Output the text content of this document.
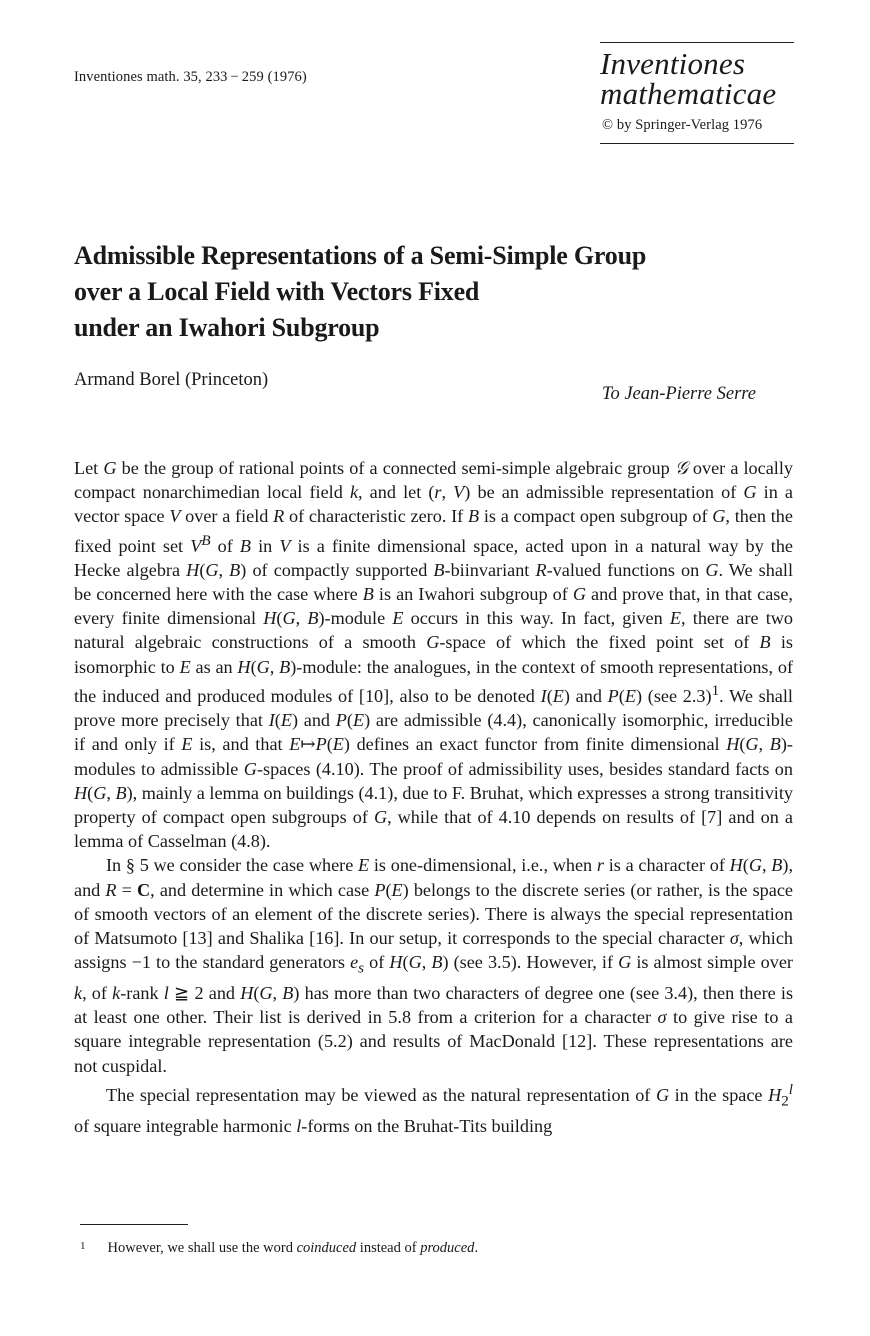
Inventiones math. 35, 233 − 259 (1976)	Inventiones
mathematicae
© by Springer-Verlag 1976
Admissible Representations of a Semi-Simple Group
over a Local Field with Vectors Fixed
under an Iwahori Subgroup
Armand Borel (Princeton)
To Jean-Pierre Serre

Let G be the group of rational points of a connected semi-simple algebraic group 𝒢 over a locally compact nonarchimedian local field k, and let (r, V) be an admissible representation of G in a vector space V over a field R of characteristic zero. If B is a compact open subgroup of G, then the fixed point set $V^B$ of B in V is a finite dimensional space, acted upon in a natural way by the Hecke algebra H(G, B) of compactly supported B-biinvariant R-valued functions on G. We shall be concerned here with the case where B is an Iwahori subgroup of G and prove that, in that case, every finite dimensional H(G, B)-module E occurs in this way. In fact, given E, there are two natural algebraic constructions of a smooth G-space of which the fixed point set of B is isomorphic to E as an H(G, B)-module: the analogues, in the context of smooth representations, of the induced and produced modules of [10], also to be denoted I(E) and P(E) (see 2.3)$^1$. We shall prove more precisely that I(E) and P(E) are admissible (4.4), canonically isomorphic, irreducible if and only if E is, and that E↦P(E) defines an exact functor from finite dimensional H(G, B)-modules to admissible G-spaces (4.10). The proof of admissibility uses, besides standard facts on H(G, B), mainly a lemma on buildings (4.1), due to F. Bruhat, which expresses a strong transitivity property of compact open subgroups of G, while that of 4.10 depends on results of [7] and on a lemma of Casselman (4.8).

In § 5 we consider the case where E is one-dimensional, i.e., when r is a character of H(G, B), and R = C, and determine in which case P(E) belongs to the discrete series (or rather, is the space of smooth vectors of an element of the discrete series). There is always the special representation of Matsumoto [13] and Shalika [16]. In our setup, it corresponds to the special character σ, which assigns −1 to the standard generators $e_s$ of H(G, B) (see 3.5). However, if G is almost simple over k, of k-rank l ≧ 2 and H(G, B) has more than two characters of degree one (see 3.4), then there is at least one other. Their list is derived in 5.8 from a criterion for a character σ to give rise to a square integrable representation (5.2) and results of MacDonald [12]. These representations are not cuspidal.

The special representation may be viewed as the natural representation of G in the space $H_2^l$ of square integrable harmonic l-forms on the Bruhat-Tits building

$^1$ However, we shall use the word coinduced instead of produced.
